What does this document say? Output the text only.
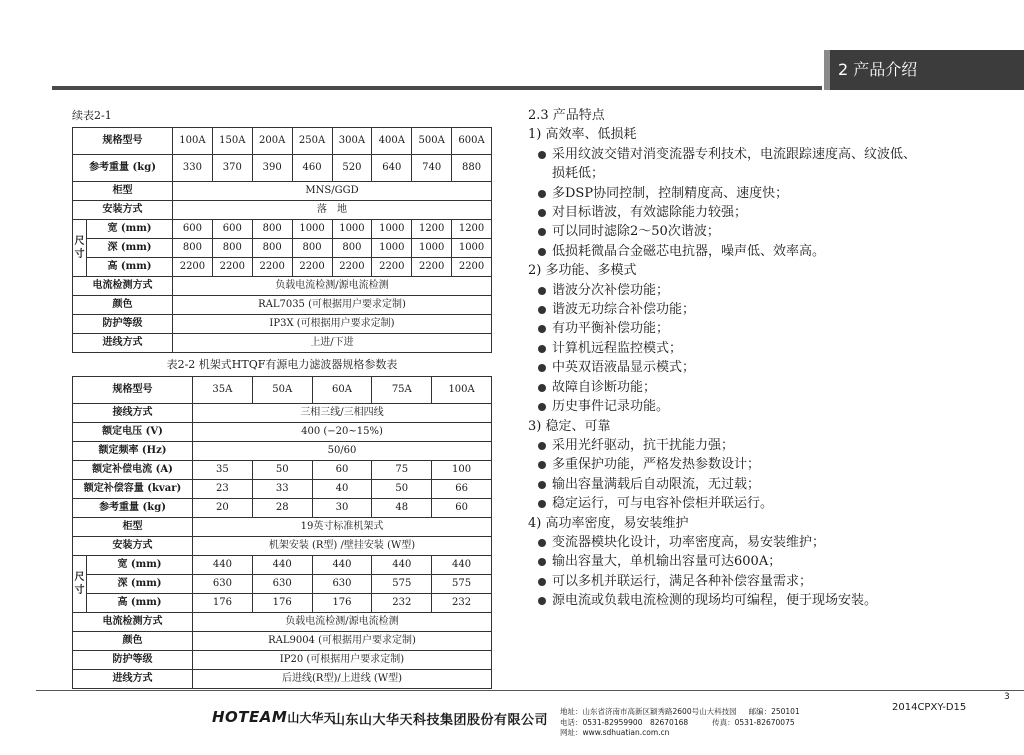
2 产品介绍

续表2-1

规格型号		100A	150A	200A	250A	300A	400A	500A	600A
参考重量 (kg)		330	370	390	460	520	640	740	880
柜型		MNS/GGD							
安装方式		落　地							
尺
寸	宽 (mm)	600	600	800	1000	1000	1000	1200	1200
	深 (mm)	800	800	800	800	800	1000	1000	1000
	高 (mm)	2200	2200	2200	2200	2200	2200	2200	2200
电流检测方式		负载电流检测/源电流检测							
颜色		RAL7035 (可根据用户要求定制)							
防护等级		IP3X (可根据用户要求定制)							
进线方式		上进/下进							

表2-2 机架式HTQF有源电力滤波器规格参数表

规格型号		35A	50A	60A	75A	100A
接线方式		三相三线/三相四线				
额定电压 (V)		400 (−20~15%)				
额定频率 (Hz)		50/60				
额定补偿电流 (A)		35	50	60	75	100
额定补偿容量 (kvar)		23	33	40	50	66
参考重量 (kg)		20	28	30	48	60
柜型		19英寸标准机架式				
安装方式		机架安装 (R型) /壁挂安装 (W型)				
尺
寸	宽 (mm)	440	440	440	440	440
	深 (mm)	630	630	630	575	575
	高 (mm)	176	176	176	232	232
电流检测方式		负载电流检测/源电流检测				
颜色		RAL9004 (可根据用户要求定制)				
防护等级		IP20 (可根据用户要求定制)				
进线方式		后进线(R型)/上进线 (W型)				

2.3 产品特点

1) 高效率、低损耗

采用纹波交错对消变流器专利技术，电流跟踪速度高、纹波低、

损耗低；

多DSP协同控制，控制精度高、速度快；

对目标谐波，有效滤除能力较强；

可以同时滤除2～50次谐波；

低损耗微晶合金磁芯电抗器，噪声低、效率高。

2) 多功能、多模式

谐波分次补偿功能；

谐波无功综合补偿功能；

有功平衡补偿功能；

计算机远程监控模式；

中英双语液晶显示模式；

故障自诊断功能；

历史事件记录功能。

3) 稳定、可靠

采用光纤驱动，抗干扰能力强；

多重保护功能，严格发热参数设计；

输出容量满载后自动限流，无过载；

稳定运行，可与电容补偿柜并联运行。

4) 高功率密度，易安装维护

变流器模块化设计，功率密度高，易安装维护；

输出容量大，单机输出容量可达600A；

可以多机并联运行，满足各种补偿容量需求；

源电流或负载电流检测的现场均可编程，便于现场安装。

3
2014CPXY-D15
HOTEAM山大华天
山东山大华天科技集团股份有限公司
地址：山东省济南市高新区颖秀路2600号山大科技园 邮编：250101
电话：0531-82959900　82670168	传真：0531-82670075
网址：www.sdhuatian.com.cn
